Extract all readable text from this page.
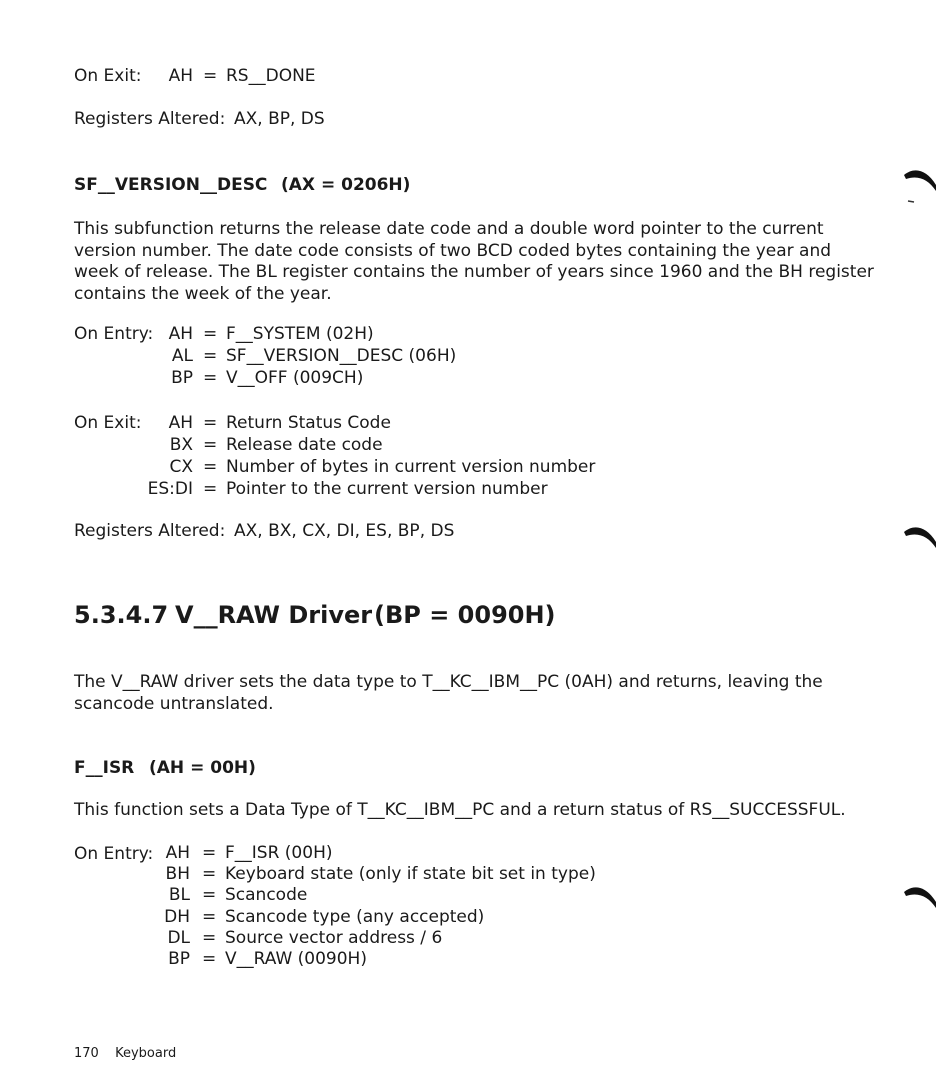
On Exit:	AH = RS__DONE
Registers Altered: AX, BP, DS
SF__VERSION__DESC (AX = 0206H)
This subfunction returns the release date code and a double word pointer to the current version number. The date code consists of two BCD coded bytes containing the year and week of release. The BL register contains the number of years since 1960 and the BH register contains the week of the year.
On Entry: AH = F__SYSTEM (02H)
AL = SF__VERSION__DESC (06H)
BP = V__OFF (009CH)
On Exit:	AH = Return Status Code
BX = Release date code
CX = Number of bytes in current version number
ES:DI = Pointer to the current version number
Registers Altered: AX, BX, CX, DI, ES, BP, DS
5.3.4.7 V__RAW Driver (BP = 0090H)
The V__RAW driver sets the data type to T__KC__IBM__PC (0AH) and returns, leaving the scancode untranslated.
F__ISR (AH = 00H)
This function sets a Data Type of T__KC__IBM__PC and a return status of RS__SUCCESSFUL.
On Entry: AH = F__ISR (00H)
BH = Keyboard state (only if state bit set in type)
BL = Scancode
DH = Scancode type (any accepted)
DL = Source vector address / 6
BP = V__RAW (0090H)
170 Keyboard
